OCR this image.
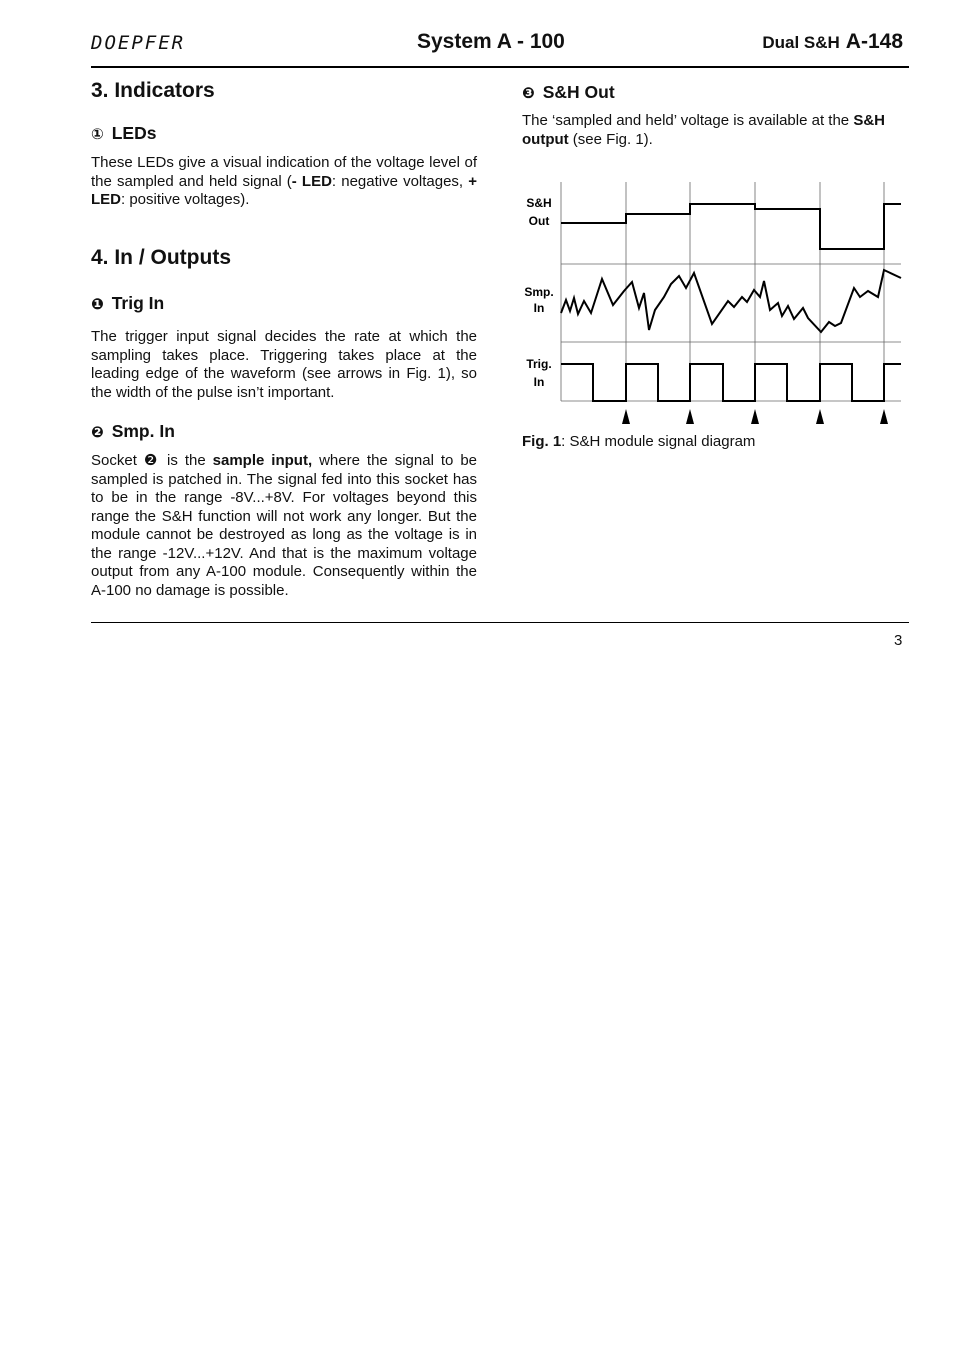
DOEPFER	System A - 100	Dual S&H A-148
3. Indicators
① LEDs

These LEDs give a visual indication of the voltage level of the sampled and held signal (- LED: negative voltages, + LED: positive voltages).

4. In / Outputs
❶ Trig In

The trigger input signal decides the rate at which the sampling takes place. Triggering takes place at the leading edge of the waveform (see arrows in Fig. 1), so the width of the pulse isn’t important.

❷ Smp. In

Socket ❷ is the sample input, where the signal to be sampled is patched in. The signal fed into this socket has to be in the range -8V...+8V. For voltages beyond this range the S&H function will not work any longer. But the module cannot be destroyed as long as the voltage is in the range -12V...+12V. And that is the maximum voltage output from any A-100 module. Consequently within the A-100 no damage is possible.

❸ S&H Out

The ‘sampled and held’ voltage is available at the S&H output (see Fig. 1).

S&H
Out
Smp.
In
Trig.
In
Fig. 1: S&H module signal diagram
3
